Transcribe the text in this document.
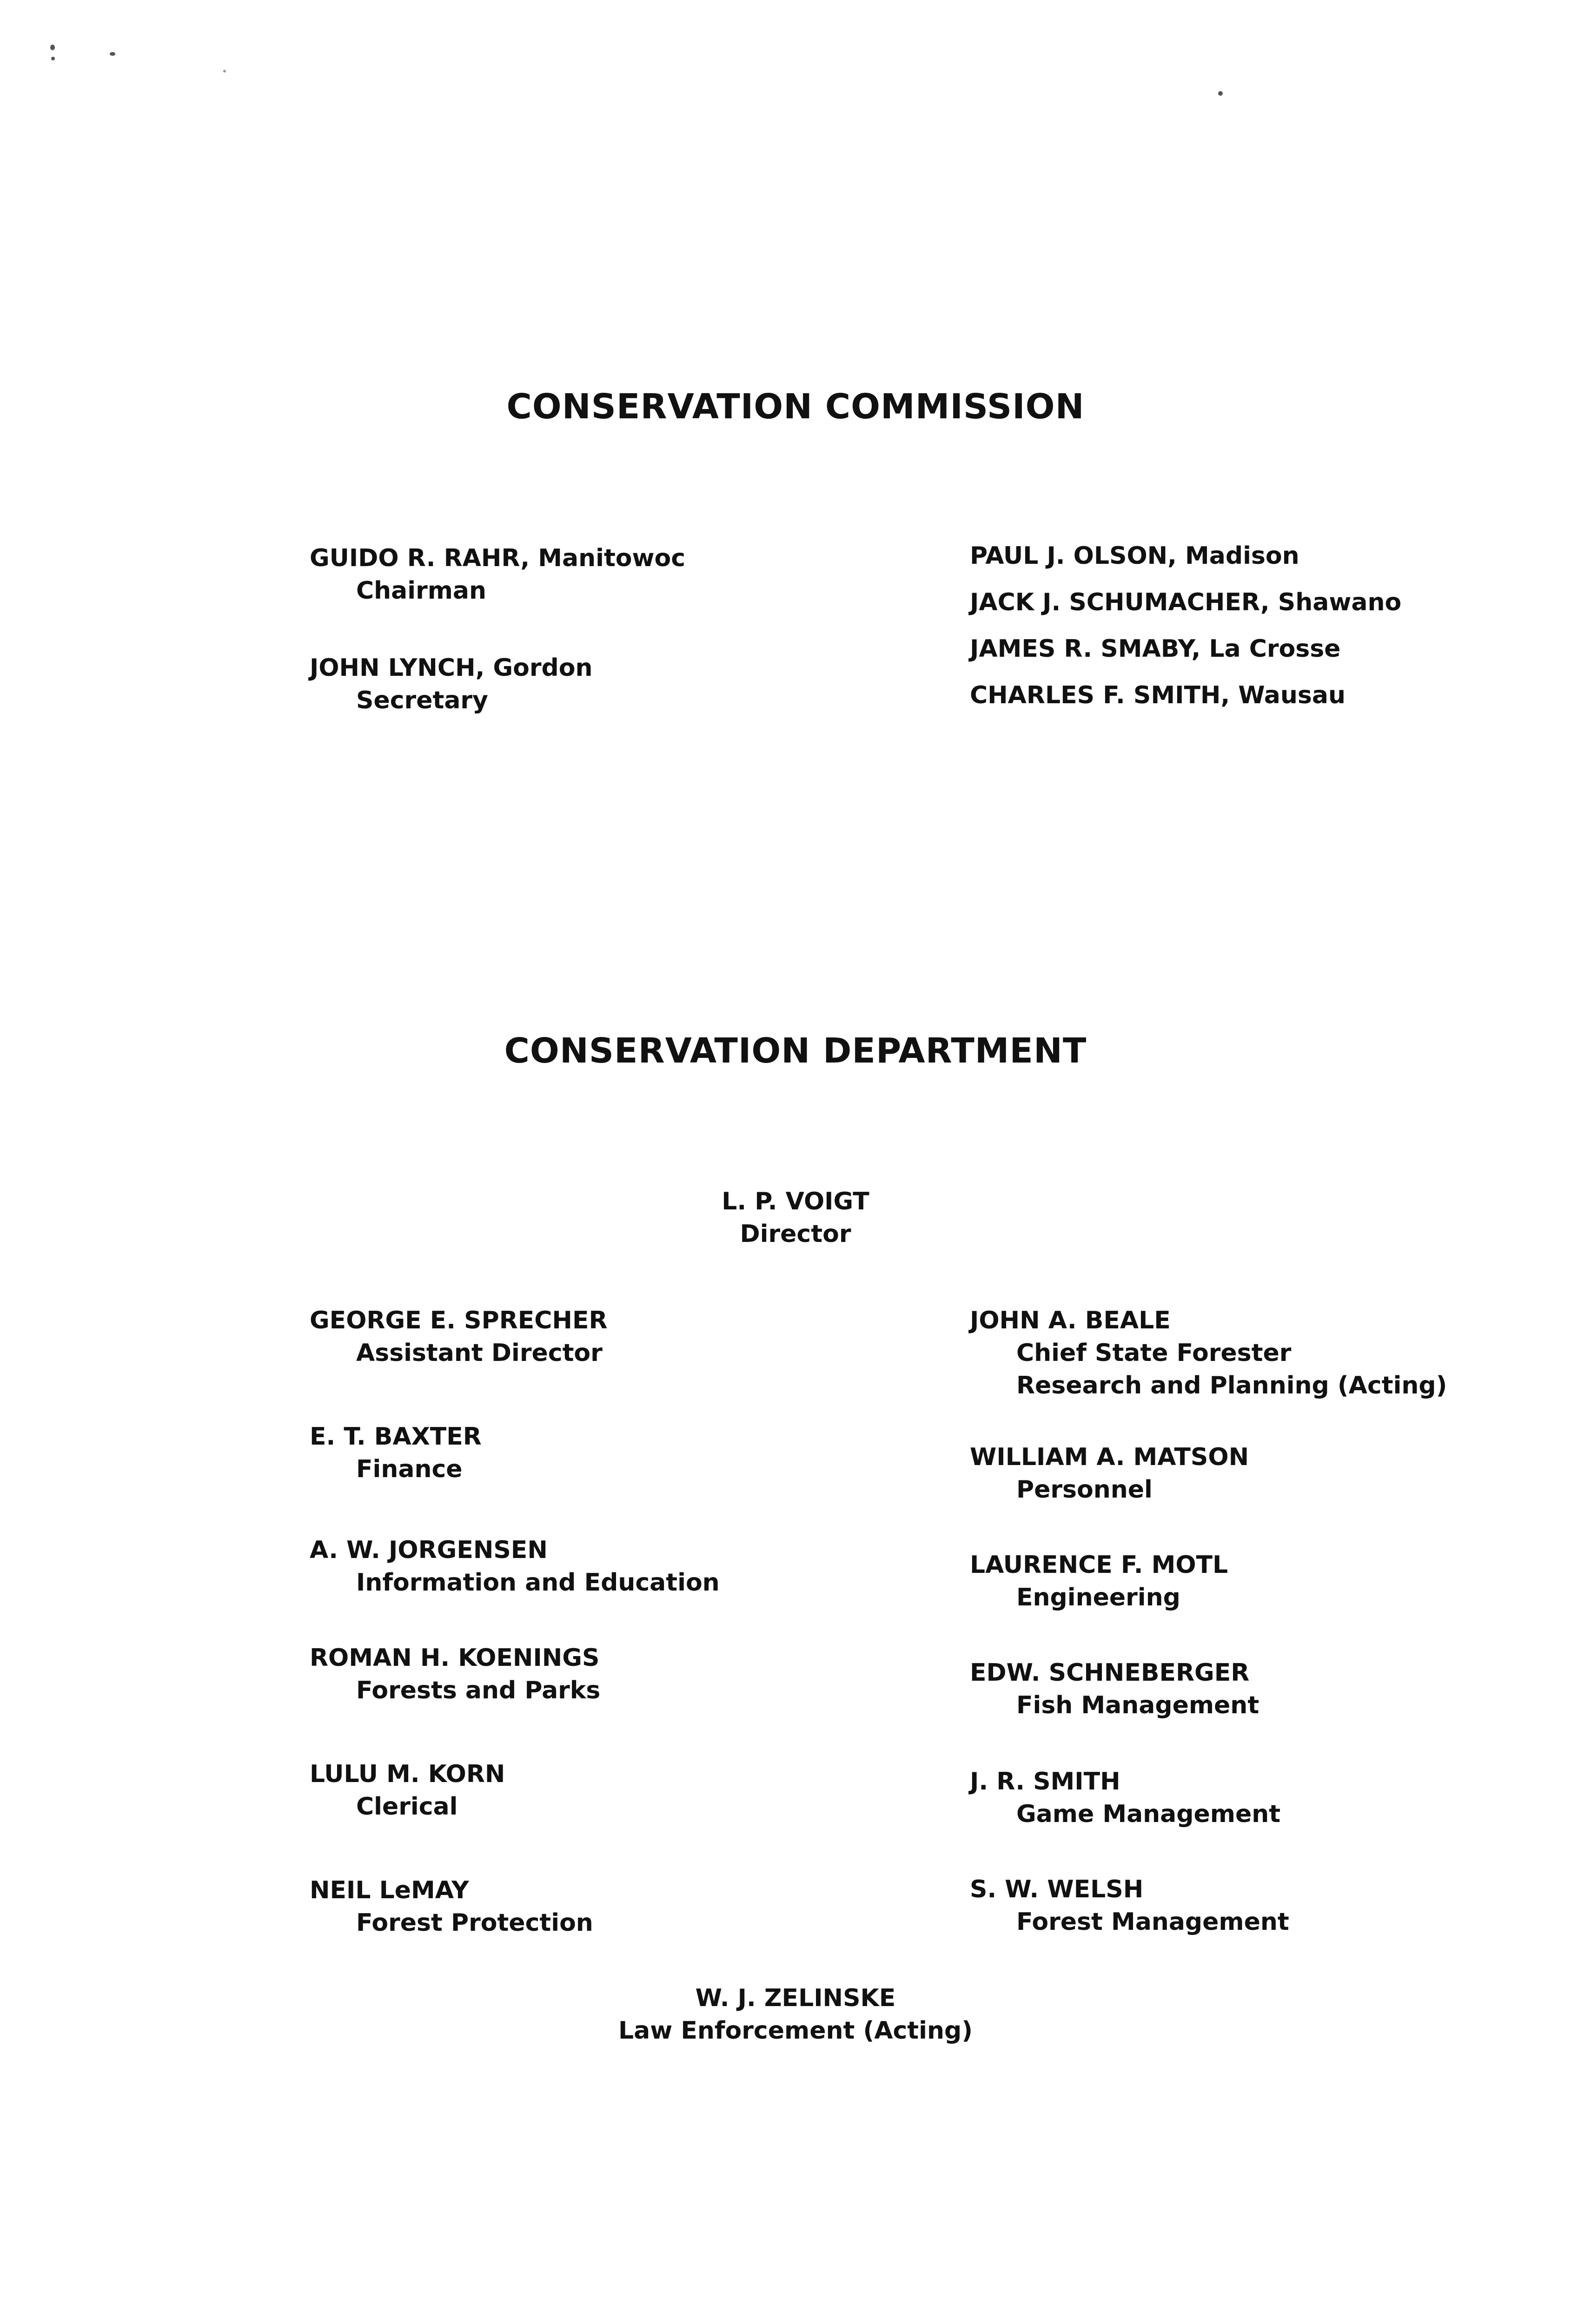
CONSERVATION COMMISSION
GUIDO R. RAHR, Manitowoc
Chairman
JOHN LYNCH, Gordon
Secretary
PAUL J. OLSON, Madison
JACK J. SCHUMACHER, Shawano
JAMES R. SMABY, La Crosse
CHARLES F. SMITH, Wausau
CONSERVATION DEPARTMENT
L. P. VOIGT
Director
GEORGE E. SPRECHER
Assistant Director
E. T. BAXTER
Finance
A. W. JORGENSEN
Information and Education
ROMAN H. KOENINGS
Forests and Parks
LULU M. KORN
Clerical
NEIL LeMAY
Forest Protection
JOHN A. BEALE
Chief State Forester
Research and Planning (Acting)
WILLIAM A. MATSON
Personnel
LAURENCE F. MOTL
Engineering
EDW. SCHNEBERGER
Fish Management
J. R. SMITH
Game Management
S. W. WELSH
Forest Management
W. J. ZELINSKE
Law Enforcement (Acting)
